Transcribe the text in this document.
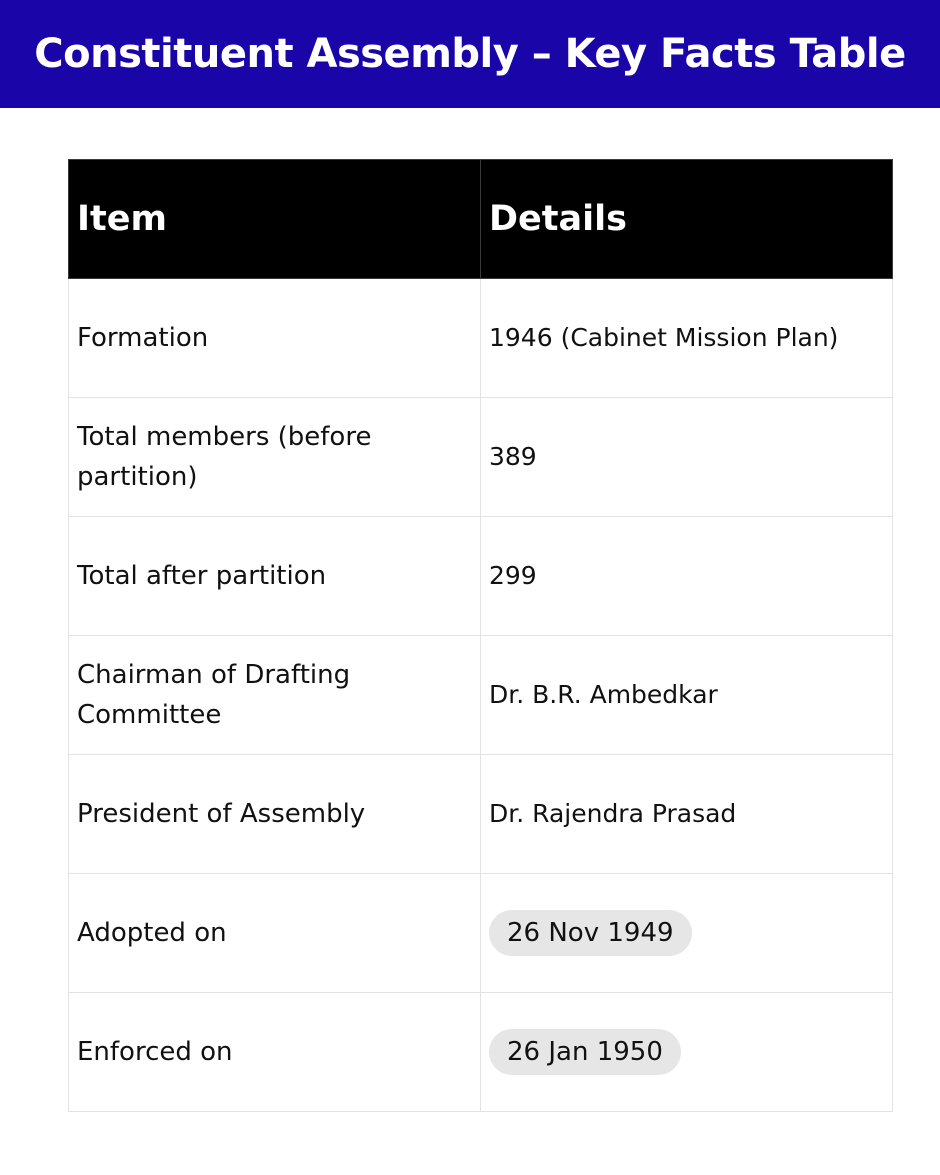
Constituent Assembly – Key Facts Table
Item	Details
Formation	1946 (Cabinet Mission Plan)
Total members (before partition)	389
Total after partition	299
Chairman of Drafting Committee	Dr. B.R. Ambedkar
President of Assembly	Dr. Rajendra Prasad
Adopted on	26 Nov 1949
Enforced on	26 Jan 1950
